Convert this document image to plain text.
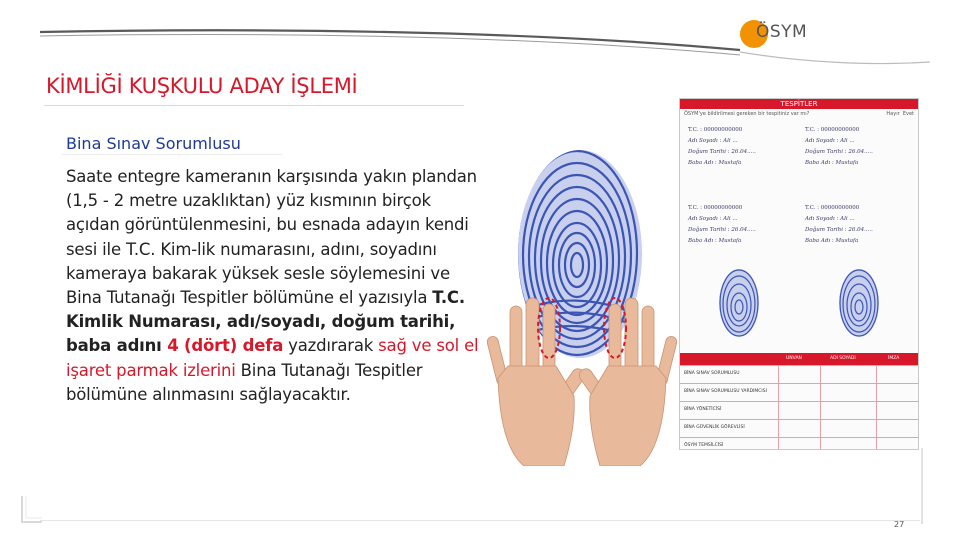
ÖSYM
KİMLİĞİ KUŞKULU ADAY İŞLEMİ
Bina Sınav Sorumlusu
Saate entegre kameranın karşısında yakın plandan (1,5 - 2 metre uzaklıktan) yüz kısmının birçok açıdan görüntülenmesini, bu esnada adayın kendi sesi ile T.C. Kim-lik numarasını, adını, soyadını kameraya bakarak yüksek sesle söylemesini ve Bina Tutanağı Tespitler bölümüne el yazısıyla T.C. Kimlik Numarası, adı/soyadı, doğum tarihi, baba adını 4 (dört) defa yazdırarak sağ ve sol el işaret parmak izlerini Bina Tutanağı Tespitler bölümüne alınmasını sağlayacaktır.
TESPİTLER
ÖSYM'ye bildirilmesi gereken bir tespitiniz var mı?	Hayır Evet
T.C. : 00000000000
Adı Soyadı : Ali ...
Doğum Tarihi : 26.04.....
Baba Adı : Mustafa
T.C. : 00000000000
Adı Soyadı : Ali ...
Doğum Tarihi : 26.04.....
Baba Adı : Mustafa
T.C. : 00000000000
Adı Soyadı : Ali ...
Doğum Tarihi : 26.04.....
Baba Adı : Mustafa
T.C. : 00000000000
Adı Soyadı : Ali ...
Doğum Tarihi : 26.04.....
Baba Adı : Mustafa
UNVAN	ADI SOYADI	İMZA
BİNA SINAV SORUMLUSU
BİNA SINAV SORUMLUSU YARDIMCISI
BİNA YÖNETİCİSİ
BİNA GÜVENLİK GÖREVLİSİ
ÖSYM TEMSİLCİSİ
27
